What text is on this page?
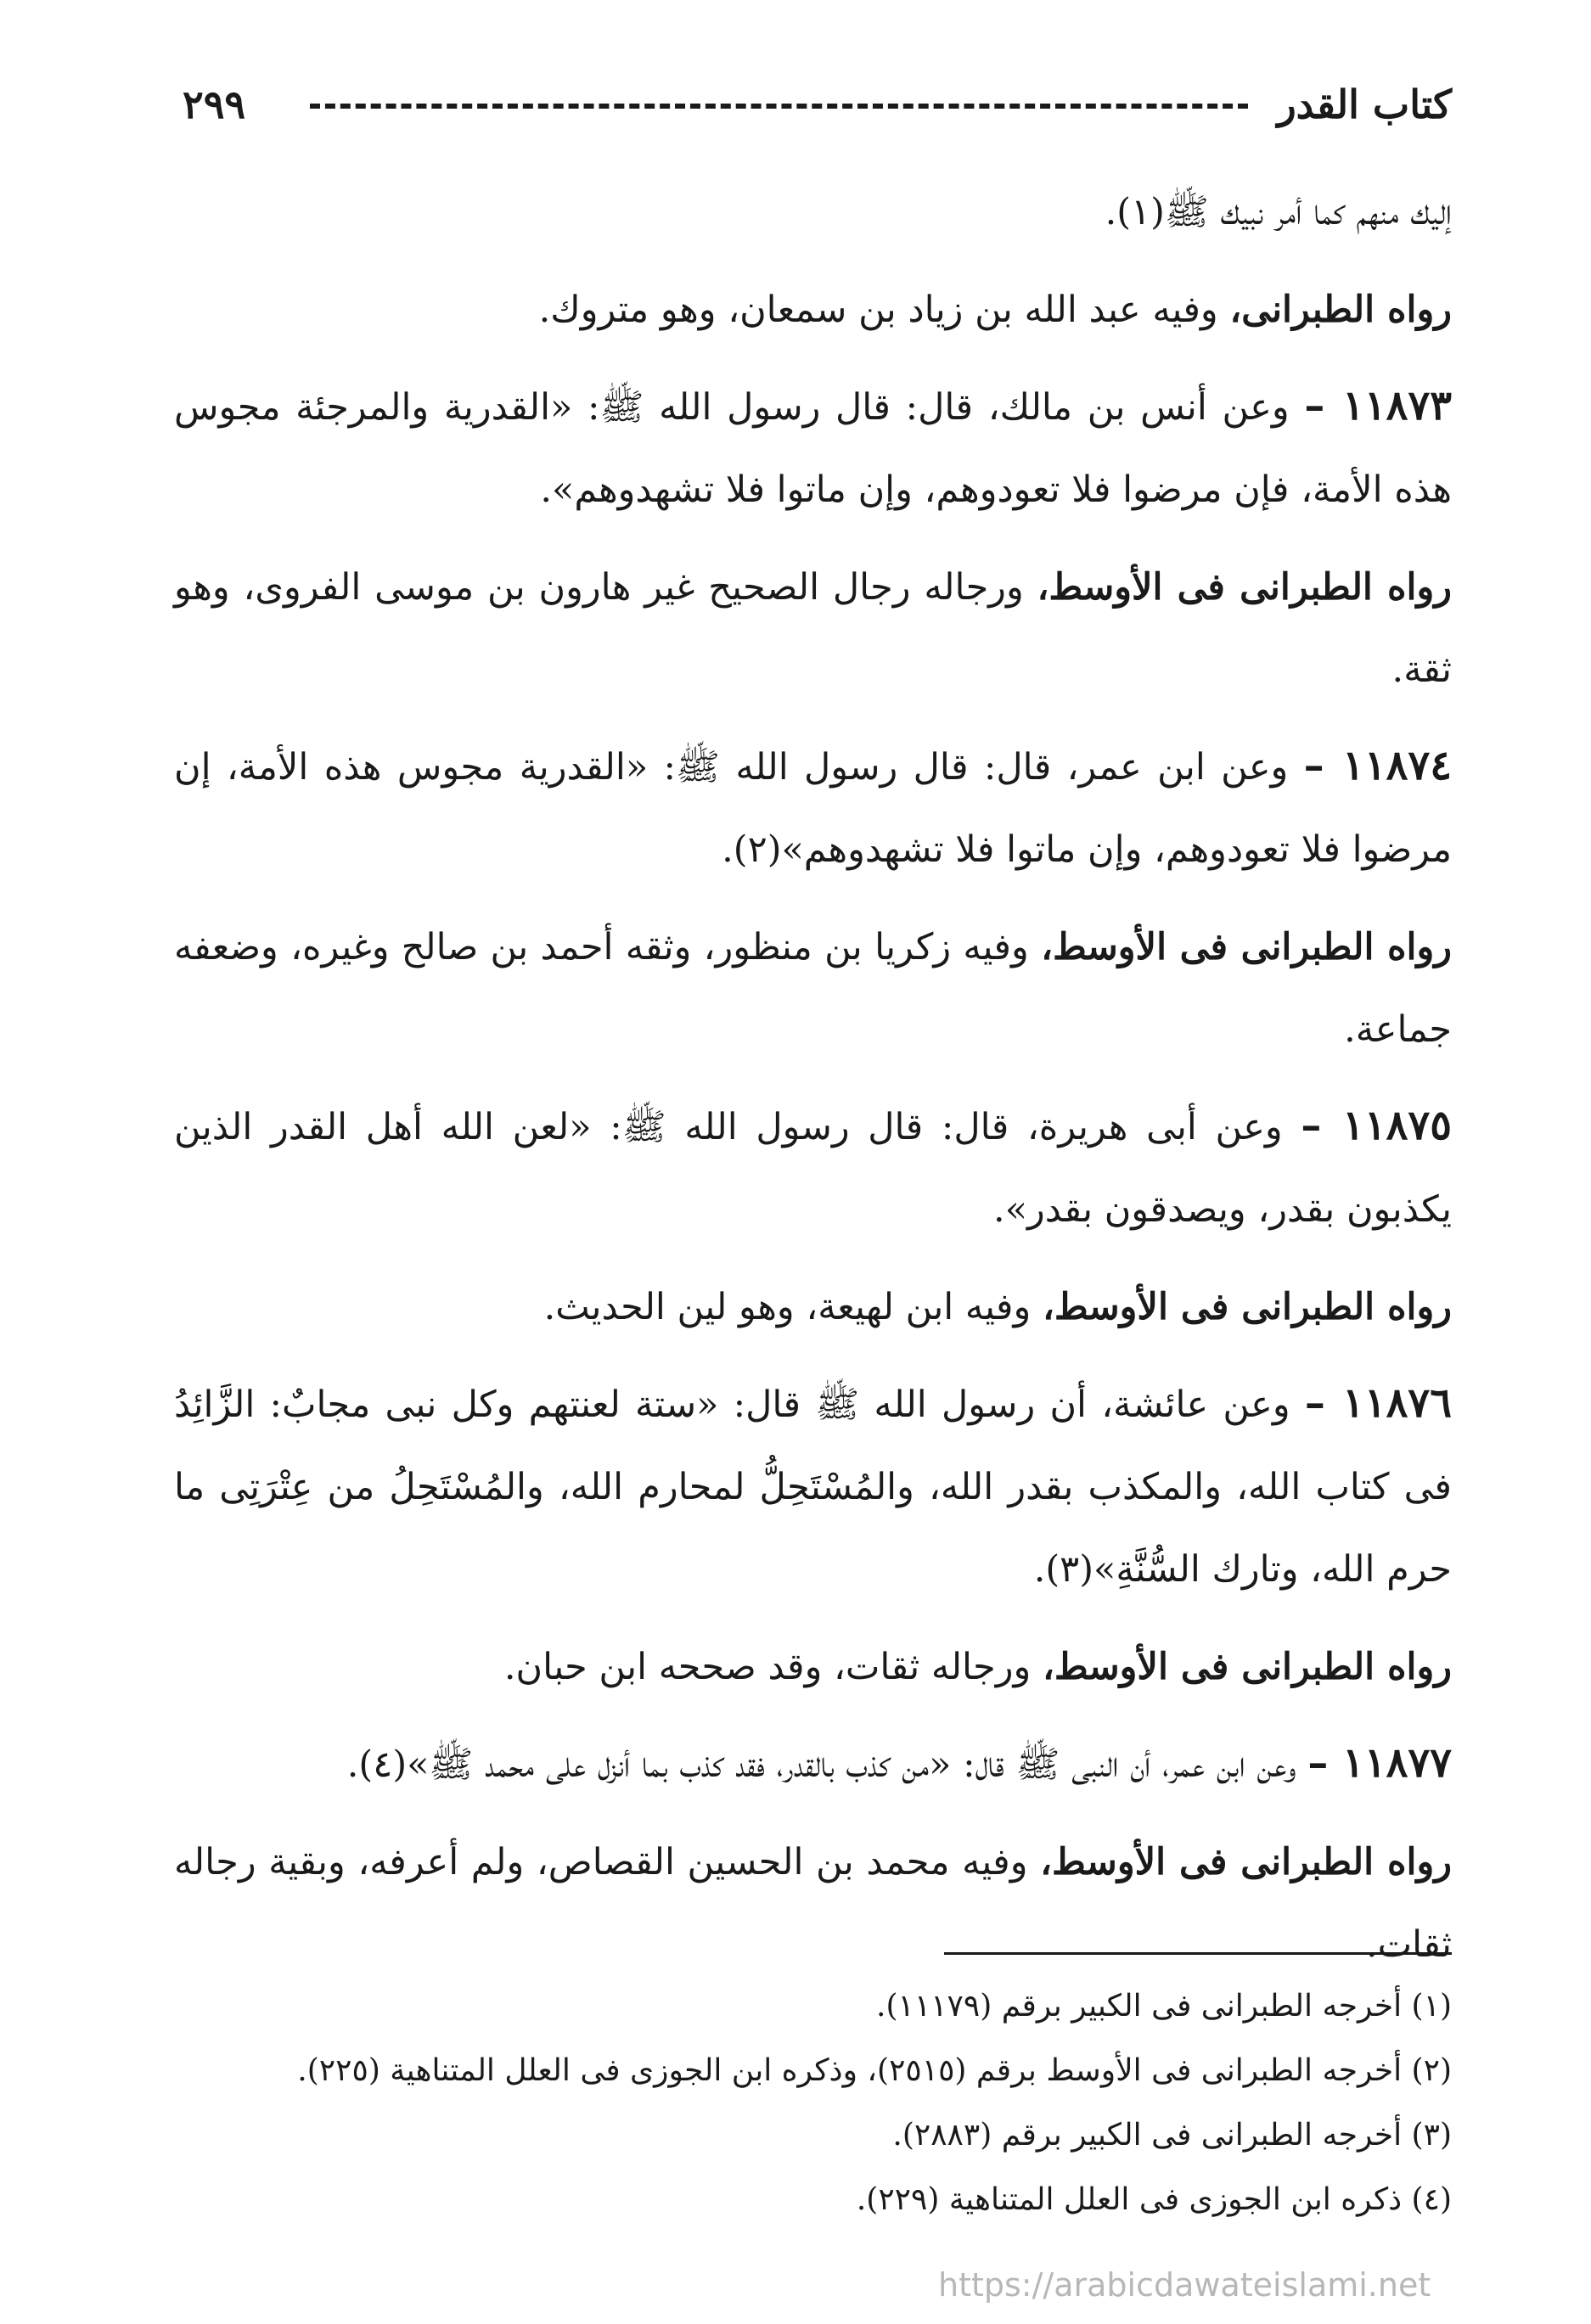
كتاب القدر
٢٩٩

إليك منهم كما أمر نبيك ﷺ(١).

رواه الطبرانى، وفيه عبد الله بن زياد بن سمعان، وهو متروك.

١١٨٧٣ – وعن أنس بن مالك، قال: قال رسول الله ﷺ: «القدرية والمرجئة مجوس هذه الأمة، فإن مرضوا فلا تعودوهم، وإن ماتوا فلا تشهدوهم».

رواه الطبرانى فى الأوسط، ورجاله رجال الصحيح غير هارون بن موسى الفروى، وهو ثقة.

١١٨٧٤ – وعن ابن عمر، قال: قال رسول الله ﷺ: «القدرية مجوس هذه الأمة، إن مرضوا فلا تعودوهم، وإن ماتوا فلا تشهدوهم»(٢).

رواه الطبرانى فى الأوسط، وفيه زكريا بن منظور، وثقه أحمد بن صالح وغيره، وضعفه جماعة.

١١٨٧٥ – وعن أبى هريرة، قال: قال رسول الله ﷺ: «لعن الله أهل القدر الذين يكذبون بقدر، ويصدقون بقدر».

رواه الطبرانى فى الأوسط، وفيه ابن لهيعة، وهو لين الحديث.

١١٨٧٦ – وعن عائشة، أن رسول الله ﷺ قال: «ستة لعنتهم وكل نبى مجابٌ: الزَّائِدُ فى كتاب الله، والمكذب بقدر الله، والمُسْتَحِلُّ لمحارم الله، والمُسْتَحِلُ من عِتْرَتِى ما حرم الله، وتارك السُّنَّةِ»(٣).

رواه الطبرانى فى الأوسط، ورجاله ثقات، وقد صححه ابن حبان.

١١٨٧٧ – وعن ابن عمر، أن النبى ﷺ قال: «من كذب بالقدر، فقد كذب بما أنزل على محمد ﷺ»(٤).

رواه الطبرانى فى الأوسط، وفيه محمد بن الحسين القصاص، ولم أعرفه، وبقية رجاله ثقات.

(١) أخرجه الطبرانى فى الكبير برقم (١١١٧٩).

(٢) أخرجه الطبرانى فى الأوسط برقم (٢٥١٥)، وذكره ابن الجوزى فى العلل المتناهية (٢٢٥).

(٣) أخرجه الطبرانى فى الكبير برقم (٢٨٨٣).

(٤) ذكره ابن الجوزى فى العلل المتناهية (٢٢٩).

https://arabicdawateislami.net
